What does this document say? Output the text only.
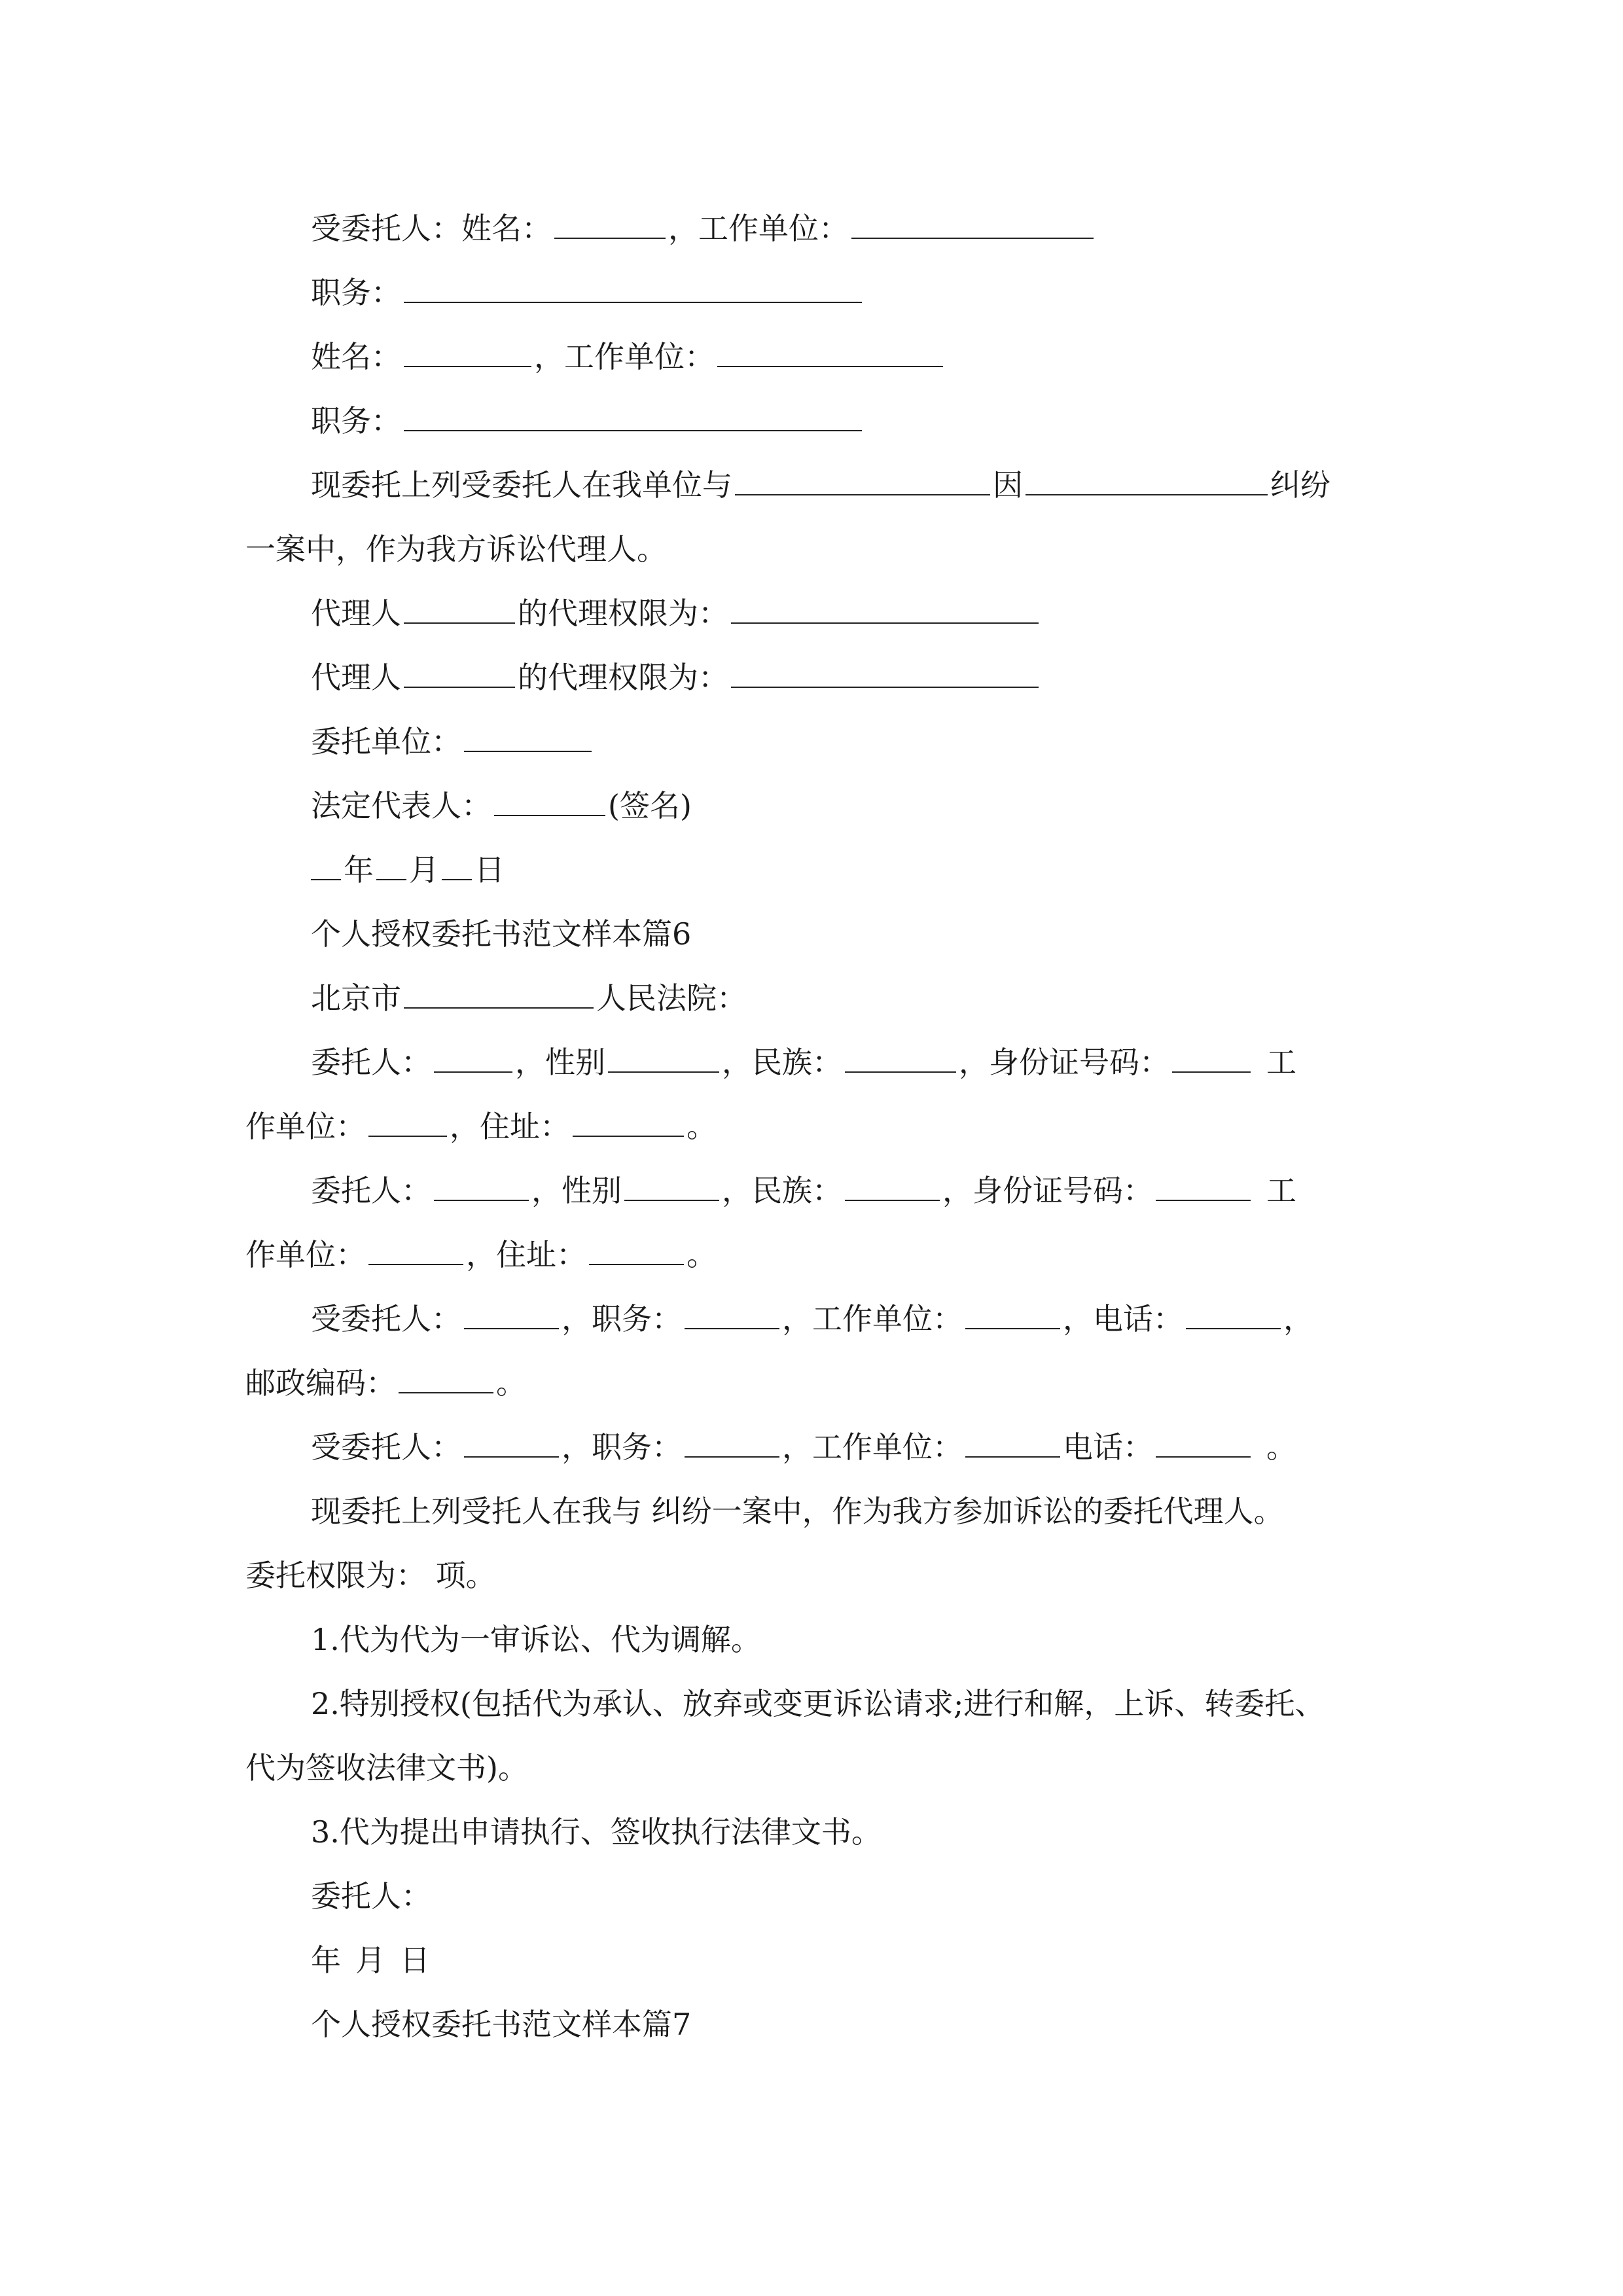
受委托人：姓名：	，工作单位：
职务：
姓名：	，工作单位：
职务：
现委托上列受委托人在我单位与	因	纠纷
一案中，作为我方诉讼代理人。
代理人	的代理权限为：
代理人	的代理权限为：
委托单位：
法定代表人：	(签名)
年 月 日
个人授权委托书范文样本篇6
北京市	人民法院：
委托人：	，性别	，民族：	，身份证号码：	工
作单位：	，住址：	。
委托人：	，性别	，民族：	，身份证号码：	工
作单位：	，住址：	。
受委托人：	，职务：	，工作单位：	，电话：	，
邮政编码：	。
受委托人：	，职务：	，工作单位：	电话：	。
现委托上列受托人在我与 纠纷一案中，作为我方参加诉讼的委托代理人。
委托权限为： 项。
1.代为代为一审诉讼、代为调解。
2.特别授权(包括代为承认、放弃或变更诉讼请求;进行和解，上诉、转委托、
代为签收法律文书)。
3.代为提出申请执行、签收执行法律文书。
委托人：
年 月 日
个人授权委托书范文样本篇7
